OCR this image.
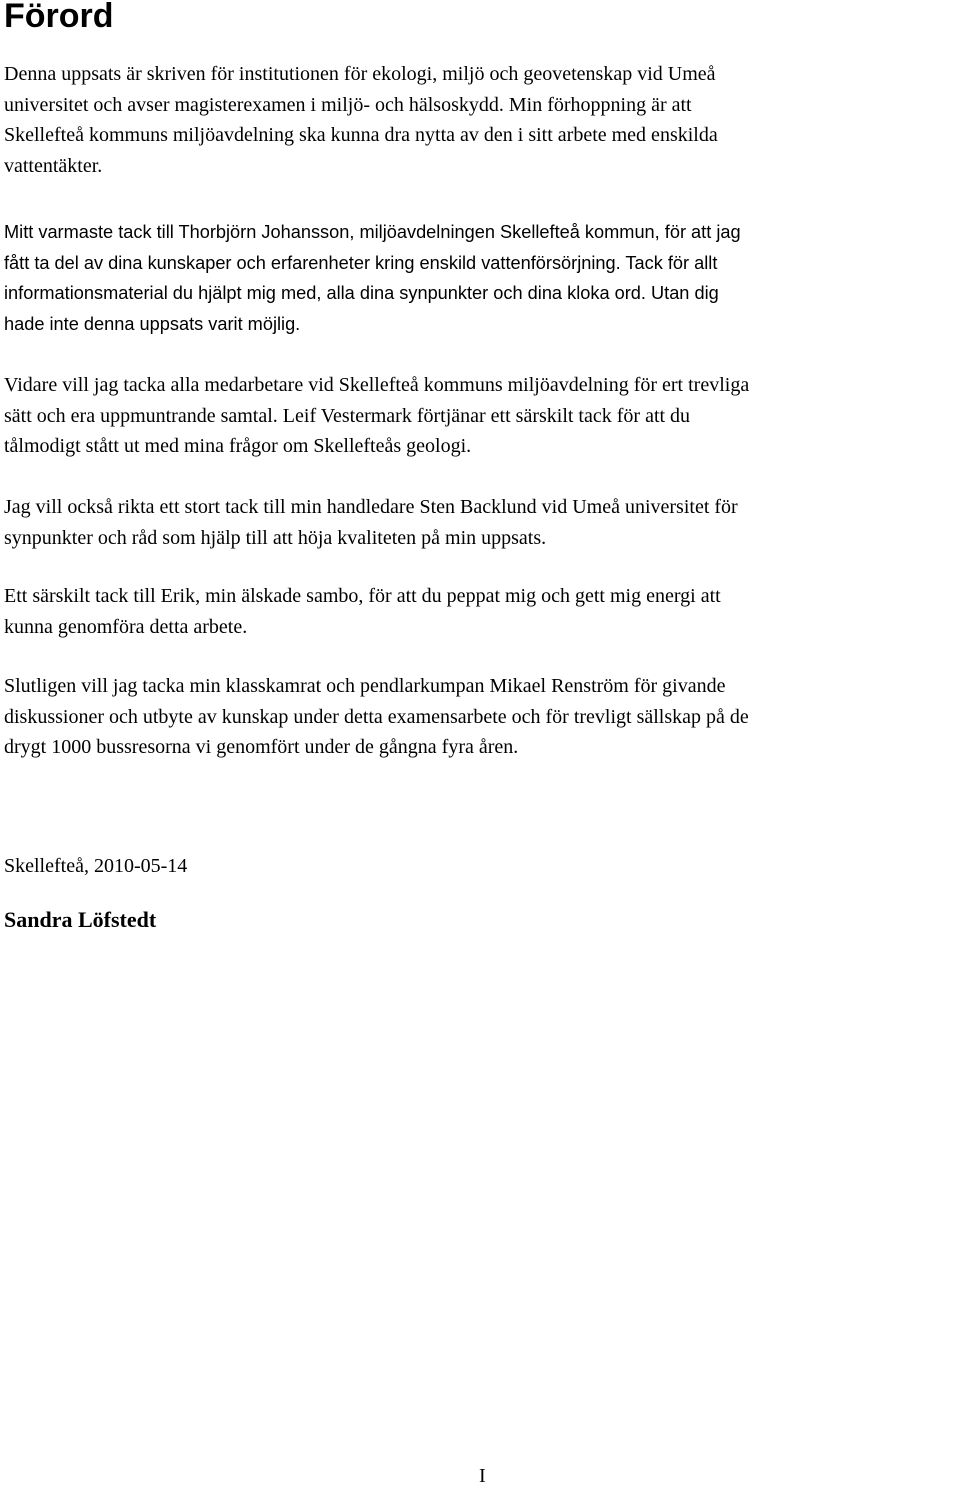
Förord

Denna uppsats är skriven för institutionen för ekologi, miljö och geovetenskap vid Umeå
universitet och avser magisterexamen i miljö- och hälsoskydd. Min förhoppning är att
Skellefteå kommuns miljöavdelning ska kunna dra nytta av den i sitt arbete med enskilda
vattentäkter.

Mitt varmaste tack till Thorbjörn Johansson, miljöavdelningen Skellefteå kommun, för att jag
fått ta del av dina kunskaper och erfarenheter kring enskild vattenförsörjning. Tack för allt
informationsmaterial du hjälpt mig med, alla dina synpunkter och dina kloka ord. Utan dig
hade inte denna uppsats varit möjlig.

Vidare vill jag tacka alla medarbetare vid Skellefteå kommuns miljöavdelning för ert trevliga
sätt och era uppmuntrande samtal. Leif Vestermark förtjänar ett särskilt tack för att du
tålmodigt stått ut med mina frågor om Skellefteås geologi.

Jag vill också rikta ett stort tack till min handledare Sten Backlund vid Umeå universitet för
synpunkter och råd som hjälp till att höja kvaliteten på min uppsats.

Ett särskilt tack till Erik, min älskade sambo, för att du peppat mig och gett mig energi att
kunna genomföra detta arbete.

Slutligen vill jag tacka min klasskamrat och pendlarkumpan Mikael Renström för givande
diskussioner och utbyte av kunskap under detta examensarbete och för trevligt sällskap på de
drygt 1000 bussresorna vi genomfört under de gångna fyra åren.

Skellefteå, 2010-05-14

Sandra Löfstedt

I
